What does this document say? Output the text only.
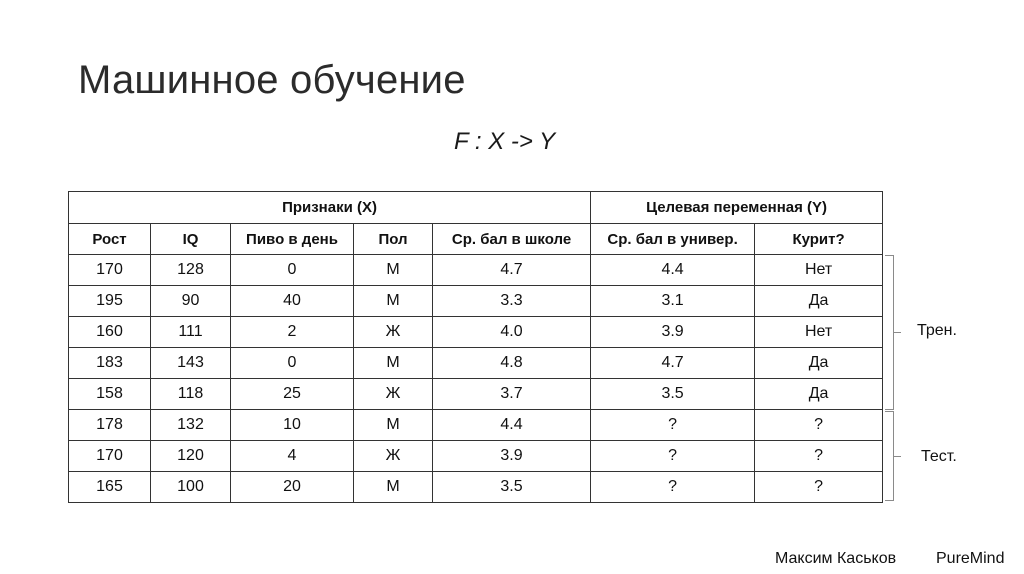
Машинное обучение
F : X -> Y
Признаки (X)					Целевая переменная (Y)	
Рост	IQ	Пиво в день	Пол	Ср. бал в школе	Ср. бал в универ.	Курит?
170	128	0	М	4.7	4.4	Нет
195	90	40	М	3.3	3.1	Да
160	111	2	Ж	4.0	3.9	Нет
183	143	0	М	4.8	4.7	Да
158	118	25	Ж	3.7	3.5	Да
178	132	10	М	4.4	?	?
170	120	4	Ж	3.9	?	?
165	100	20	М	3.5	?	?
Трен.
Тест.
Максим Каськов PureMind
